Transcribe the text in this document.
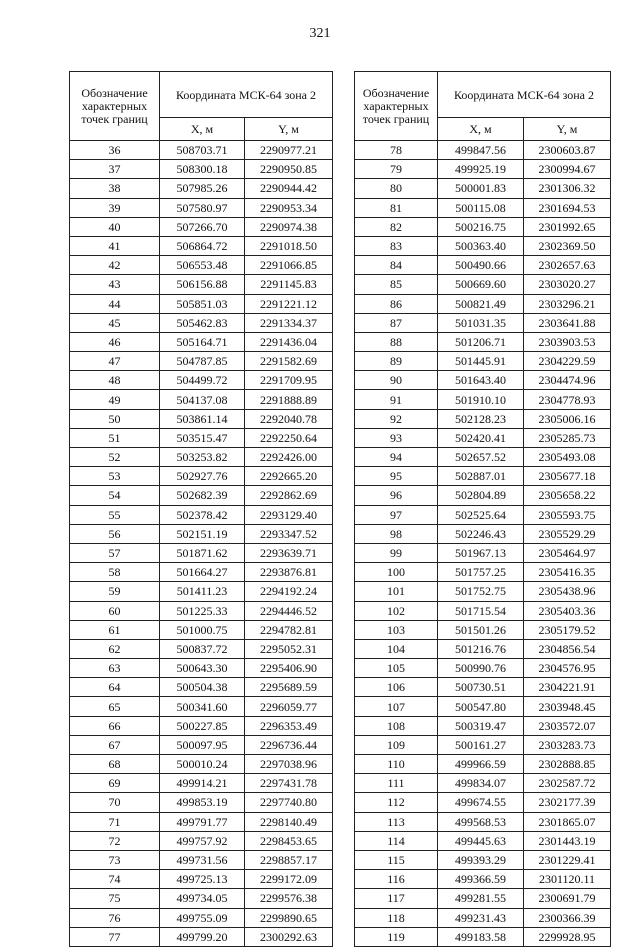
321
Обозначение характерных точек границ	Координата МСК-64 зона 2	
	X, м	Y, м
36	508703.71	2290977.21
37	508300.18	2290950.85
38	507985.26	2290944.42
39	507580.97	2290953.34
40	507266.70	2290974.38
41	506864.72	2291018.50
42	506553.48	2291066.85
43	506156.88	2291145.83
44	505851.03	2291221.12
45	505462.83	2291334.37
46	505164.71	2291436.04
47	504787.85	2291582.69
48	504499.72	2291709.95
49	504137.08	2291888.89
50	503861.14	2292040.78
51	503515.47	2292250.64
52	503253.82	2292426.00
53	502927.76	2292665.20
54	502682.39	2292862.69
55	502378.42	2293129.40
56	502151.19	2293347.52
57	501871.62	2293639.71
58	501664.27	2293876.81
59	501411.23	2294192.24
60	501225.33	2294446.52
61	501000.75	2294782.81
62	500837.72	2295052.31
63	500643.30	2295406.90
64	500504.38	2295689.59
65	500341.60	2296059.77
66	500227.85	2296353.49
67	500097.95	2296736.44
68	500010.24	2297038.96
69	499914.21	2297431.78
70	499853.19	2297740.80
71	499791.77	2298140.49
72	499757.92	2298453.65
73	499731.56	2298857.17
74	499725.13	2299172.09
75	499734.05	2299576.38
76	499755.09	2299890.65
77	499799.20	2300292.63
Обозначение характерных точек границ	Координата МСК-64 зона 2	
	X, м	Y, м
78	499847.56	2300603.87
79	499925.19	2300994.67
80	500001.83	2301306.32
81	500115.08	2301694.53
82	500216.75	2301992.65
83	500363.40	2302369.50
84	500490.66	2302657.63
85	500669.60	2303020.27
86	500821.49	2303296.21
87	501031.35	2303641.88
88	501206.71	2303903.53
89	501445.91	2304229.59
90	501643.40	2304474.96
91	501910.10	2304778.93
92	502128.23	2305006.16
93	502420.41	2305285.73
94	502657.52	2305493.08
95	502887.01	2305677.18
96	502804.89	2305658.22
97	502525.64	2305593.75
98	502246.43	2305529.29
99	501967.13	2305464.97
100	501757.25	2305416.35
101	501752.75	2305438.96
102	501715.54	2305403.36
103	501501.26	2305179.52
104	501216.76	2304856.54
105	500990.76	2304576.95
106	500730.51	2304221.91
107	500547.80	2303948.45
108	500319.47	2303572.07
109	500161.27	2303283.73
110	499966.59	2302888.85
111	499834.07	2302587.72
112	499674.55	2302177.39
113	499568.53	2301865.07
114	499445.63	2301443.19
115	499393.29	2301229.41
116	499366.59	2301120.11
117	499281.55	2300691.79
118	499231.43	2300366.39
119	499183.58	2299928.95
